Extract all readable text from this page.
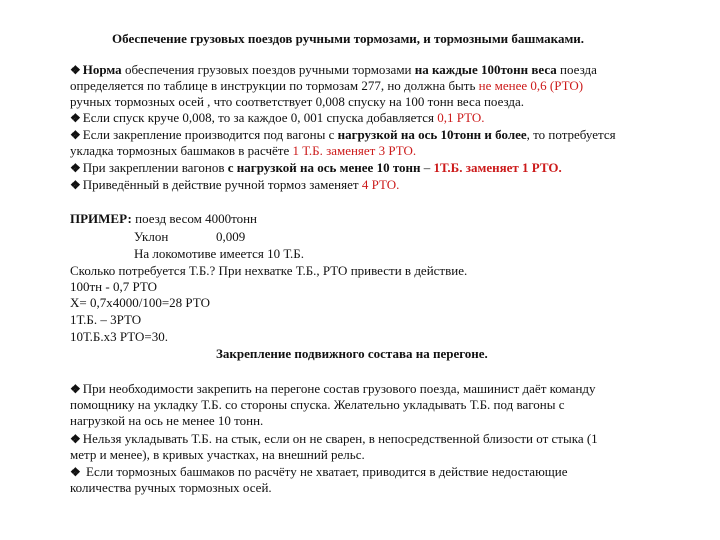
Обеспечение грузовых поездов ручными тормозами, и тормозными башмаками.
❖ Норма обеспечения грузовых поездов ручными тормозами на каждые 100тонн веса поезда
определяется по таблице в инструкции по тормозам 277, но должна быть не менее 0,6 (РТО)
ручных тормозных осей , что соответствует 0,008 спуску на 100 тонн веса поезда.
❖ Если спуск круче 0,008, то за каждое 0, 001 спуска добавляется 0,1 РТО.
❖ Если закрепление производится под вагоны с нагрузкой на ось 10тонн и более, то потребуется
укладка тормозных башмаков в расчёте 1 Т.Б. заменяет 3 РТО.
❖ При закреплении вагонов с нагрузкой на ось менее 10 тонн – 1Т.Б. заменяет 1 РТО.
❖ Приведённый в действие ручной тормоз заменяет 4 РТО.
ПРИМЕР: поезд весом 4000тонн
Уклон	0,009
На локомотиве имеется 10 Т.Б.
Сколько потребуется Т.Б.? При нехватке Т.Б., РТО привести в действие.
100тн - 0,7 РТО
X= 0,7х4000/100=28 РТО
1Т.Б. – 3РТО
10Т.Б.х3 РТО=30.
Закрепление подвижного состава на перегоне.
❖ При необходимости закрепить на перегоне состав грузового поезда, машинист даёт команду
помощнику на укладку Т.Б. со стороны спуска. Желательно укладывать Т.Б. под вагоны с
нагрузкой на ось не менее 10 тонн.
❖ Нельзя укладывать Т.Б. на стык, если он не сварен, в непосредственной близости от стыка (1
метр и менее), в кривых участках, на внешний рельс.
❖ Если тормозных башмаков по расчёту не хватает, приводится в действие недостающие
количества ручных тормозных осей.
